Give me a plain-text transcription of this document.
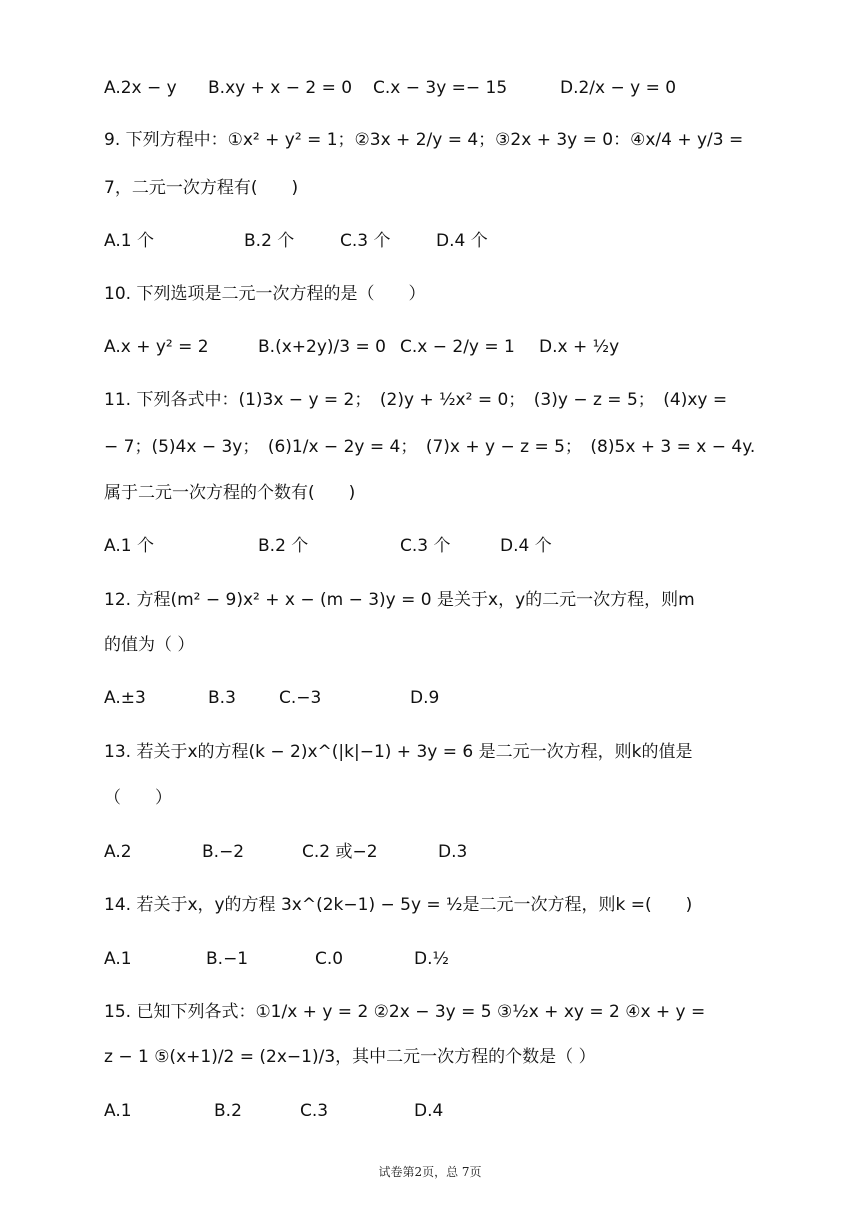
A.2x − y B.xy + x − 2 = 0 C.x − 3y =− 15	D.2/x − y = 0
9. 下列方程中：①x² + y² = 1；②3x + 2/y = 4；③2x + 3y = 0：④x/4 + y/3 =
7，二元一次方程有(　　)
A.1 个	B.2 个	C.3 个	D.4 个
10. 下列选项是二元一次方程的是（　　）
A.x + y² = 2	B.(x+2y)/3 = 0 C.x − 2/y = 1 D.x + ½y
11. 下列各式中：(1)3x − y = 2；　(2)y + ½x² = 0；　(3)y − z = 5；　(4)xy =
− 7；(5)4x − 3y；　(6)1/x − 2y = 4；　(7)x + y − z = 5；　(8)5x + 3 = x − 4y.
属于二元一次方程的个数有(　　)
A.1 个	B.2 个	C.3 个	D.4 个
12. 方程(m² − 9)x² + x − (m − 3)y = 0 是关于x，y的二元一次方程，则m
的值为（ ）
A.±3	B.3	C.−3	D.9
13. 若关于x的方程(k − 2)x^(|k|−1) + 3y = 6 是二元一次方程，则k的值是
（　　）
A.2	B.−2	C.2 或−2	D.3
14. 若关于x，y的方程 3x^(2k−1) − 5y = ½是二元一次方程，则k =(　　)
A.1	B.−1	C.0	D.½
15. 已知下列各式：①1/x + y = 2 ②2x − 3y = 5 ③½x + xy = 2 ④x + y =
z − 1 ⑤(x+1)/2 = (2x−1)/3，其中二元一次方程的个数是（ ）
A.1	B.2	C.3	D.4
试卷第2页，总 7页
